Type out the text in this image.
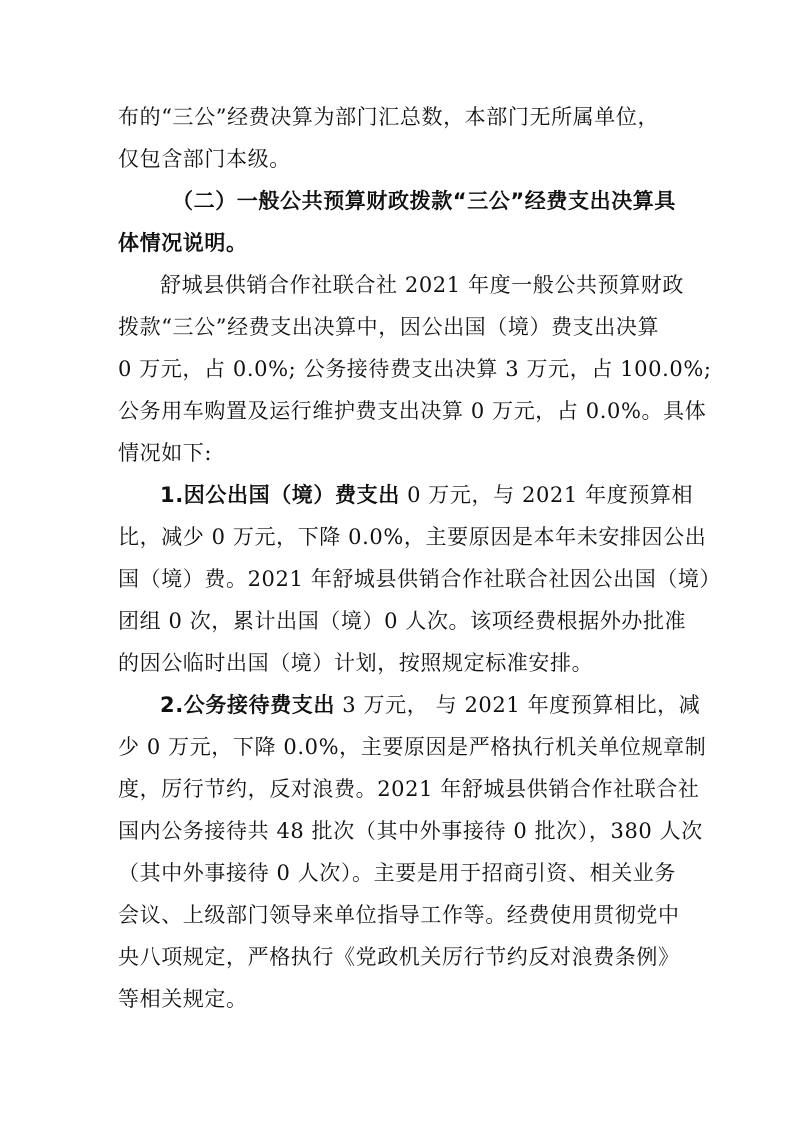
布的“三公”经费决算为部门汇总数，本部门无所属单位，
仅包含部门本级。
（二）一般公共预算财政拨款“三公”经费支出决算具
体情况说明。
舒城县供销合作社联合社 2021 年度一般公共预算财政
拨款“三公”经费支出决算中，因公出国（境）费支出决算
0 万元，占 0.0%; 公务接待费支出决算 3 万元，占 100.0%;
公务用车购置及运行维护费支出决算 0 万元，占 0.0%。具体
情况如下:
1.因公出国（境）费支出 0 万元，与 2021 年度预算相
比，减少 0 万元，下降 0.0%，主要原因是本年未安排因公出
国（境）费。2021 年舒城县供销合作社联合社因公出国（境）
团组 0 次，累计出国（境）0 人次。该项经费根据外办批准
的因公临时出国（境）计划，按照规定标准安排。
2.公务接待费支出 3 万元， 与 2021 年度预算相比，减
少 0 万元，下降 0.0%，主要原因是严格执行机关单位规章制
度，厉行节约，反对浪费。2021 年舒城县供销合作社联合社
国内公务接待共 48 批次（其中外事接待 0 批次），380 人次
（其中外事接待 0 人次）。主要是用于招商引资、相关业务
会议、上级部门领导来单位指导工作等。经费使用贯彻党中
央八项规定，严格执行《党政机关厉行节约反对浪费条例》
等相关规定。
